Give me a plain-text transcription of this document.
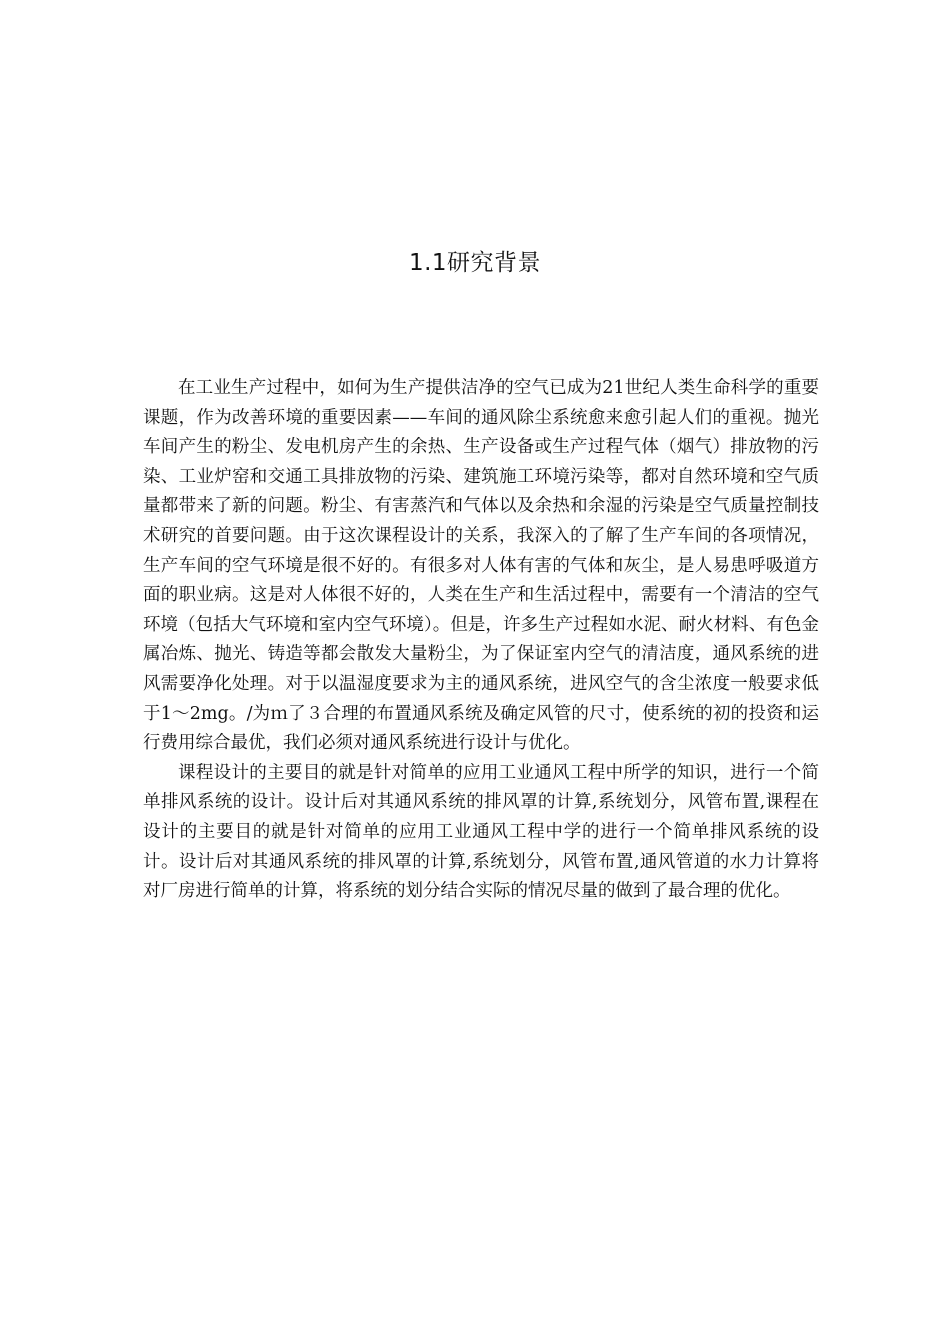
1.1研究背景

在工业生产过程中，如何为生产提供洁净的空气已成为21世纪人类生命科学的重要课题，作为改善环境的重要因素——车间的通风除尘系统愈来愈引起人们的重视。抛光车间产生的粉尘、发电机房产生的余热、生产设备或生产过程气体（烟气）排放物的污染、工业炉窑和交通工具排放物的污染、建筑施工环境污染等，都对自然环境和空气质量都带来了新的问题。粉尘、有害蒸汽和气体以及余热和余湿的污染是空气质量控制技术研究的首要问题。由于这次课程设计的关系，我深入的了解了生产车间的各项情况，生产车间的空气环境是很不好的。有很多对人体有害的气体和灰尘，是人易患呼吸道方面的职业病。这是对人体很不好的，人类在生产和生活过程中，需要有一个清洁的空气环境（包括大气环境和室内空气环境）。但是，许多生产过程如水泥、耐火材料、有色金属冶炼、抛光、铸造等都会散发大量粉尘，为了保证室内空气的清洁度，通风系统的进风需要净化处理。对于以温湿度要求为主的通风系统，进风空气的含尘浓度一般要求低于1～2mg。/为ｍ了３合理的布置通风系统及确定风管的尺寸，使系统的初的投资和运行费用综合最优，我们必须对通风系统进行设计与优化。

课程设计的主要目的就是针对简单的应用工业通风工程中所学的知识，进行一个简单排风系统的设计。设计后对其通风系统的排风罩的计算,系统划分，风管布置,课程在设计的主要目的就是针对简单的应用工业通风工程中学的进行一个简单排风系统的设计。设计后对其通风系统的排风罩的计算,系统划分，风管布置,通风管道的水力计算将对厂房进行简单的计算，将系统的划分结合实际的情况尽量的做到了最合理的优化。
